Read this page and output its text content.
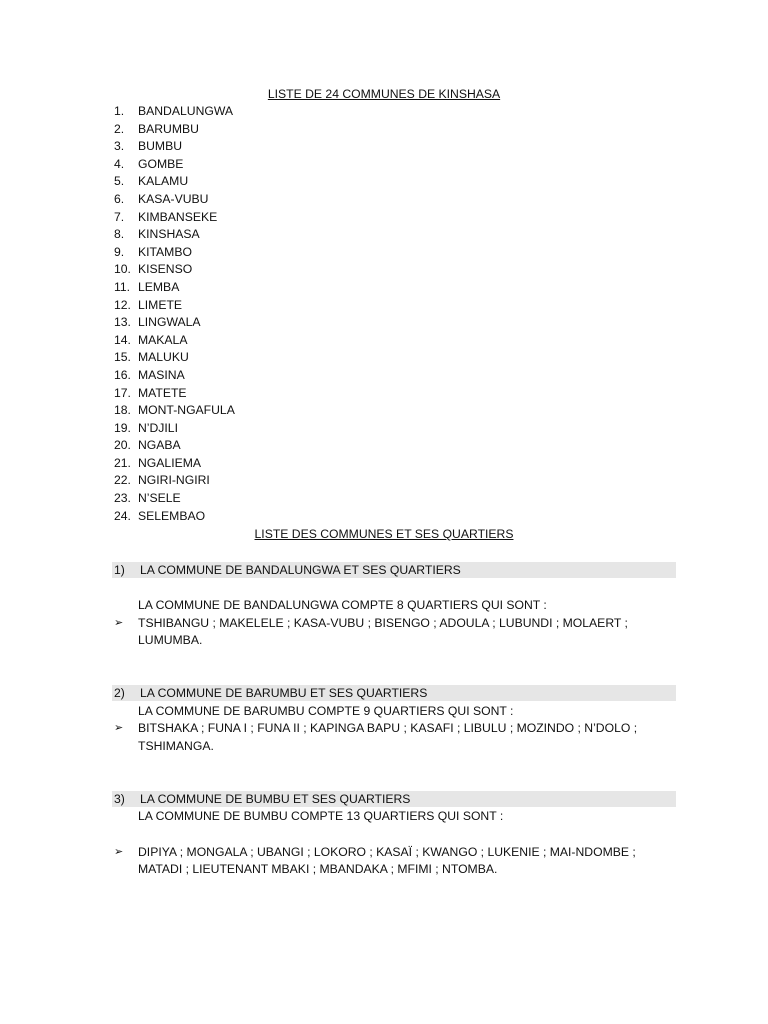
LISTE DE 24 COMMUNES DE KINSHASA
1. BANDALUNGWA
2. BARUMBU
3. BUMBU
4. GOMBE
5. KALAMU
6. KASA-VUBU
7. KIMBANSEKE
8. KINSHASA
9. KITAMBO
10. KISENSO
11. LEMBA
12. LIMETE
13. LINGWALA
14. MAKALA
15. MALUKU
16. MASINA
17. MATETE
18. MONT-NGAFULA
19. N’DJILI
20. NGABA
21. NGALIEMA
22. NGIRI-NGIRI
23. N’SELE
24. SELEMBAO
LISTE DES COMMUNES ET SES QUARTIERS
1) LA COMMUNE DE BANDALUNGWA ET SES QUARTIERS
LA COMMUNE DE BANDALUNGWA COMPTE 8 QUARTIERS QUI SONT :
➢ TSHIBANGU ; MAKELELE ; KASA-VUBU ; BISENGO ; ADOULA ; LUBUNDI ; MOLAERT ;
LUMUMBA.
2) LA COMMUNE DE BARUMBU ET SES QUARTIERS
LA COMMUNE DE BARUMBU COMPTE 9 QUARTIERS QUI SONT :
➢ BITSHAKA ; FUNA I ; FUNA II ; KAPINGA BAPU ; KASAFI ; LIBULU ; MOZINDO ; N’DOLO ;
TSHIMANGA.
3) LA COMMUNE DE BUMBU ET SES QUARTIERS
LA COMMUNE DE BUMBU COMPTE 13 QUARTIERS QUI SONT :
➢ DIPIYA ; MONGALA ; UBANGI ; LOKORO ; KASAÏ ; KWANGO ; LUKENIE ; MAI-NDOMBE ;
MATADI ; LIEUTENANT MBAKI ; MBANDAKA ; MFIMI ; NTOMBA.
